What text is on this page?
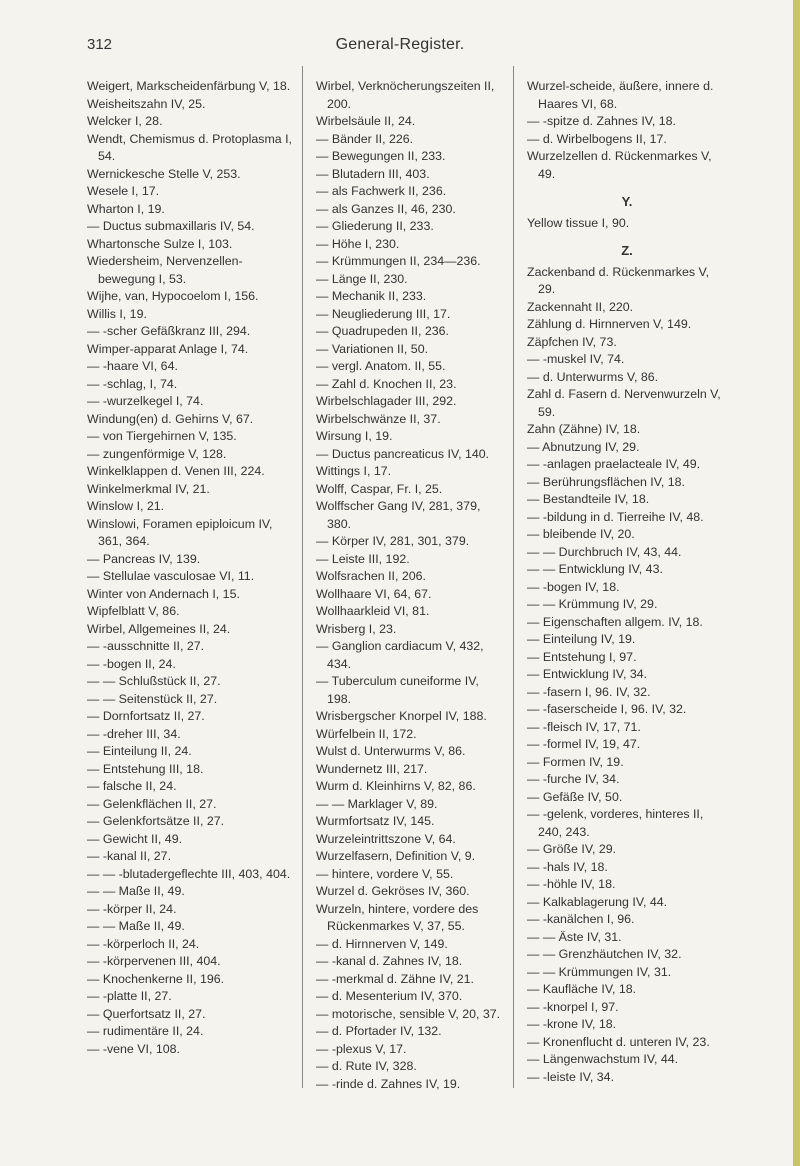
312	General-Register.
Weigert, Markscheidenfärbung V, 18.
Weisheitszahn IV, 25.
Welcker I, 28.
Wendt, Chemismus d. Protoplasma I, 54.
Wernickesche Stelle V, 253.
Wesele I, 17.
Wharton I, 19.
— Ductus submaxillaris IV, 54.
Whartonsche Sulze I, 103.
Wiedersheim, Nervenzellenbewegung I, 53.
Wijhe, van, Hypocoelom I, 156.
Willis I, 19.
— -scher Gefäßkranz III, 294.
Wimper-apparat Anlage I, 74.
— -haare VI, 64.
— -schlag, I, 74.
— -wurzelkegel I, 74.
Windung(en) d. Gehirns V, 67.
— von Tiergehirnen V, 135.
— zungenförmige V, 128.
Winkelklappen d. Venen III, 224.
Winkelmerkmal IV, 21.
Winslow I, 21.
Winslowi, Foramen epiploicum IV, 361, 364.
— Pancreas IV, 139.
— Stellulae vasculosae VI, 11.
Winter von Andernach I, 15.
Wipfelblatt V, 86.
Wirbel, Allgemeines II, 24.
— -ausschnitte II, 27.
— -bogen II, 24.
— — Schlußstück II, 27.
— — Seitenstück II, 27.
— Dornfortsatz II, 27.
— -dreher III, 34.
— Einteilung II, 24.
— Entstehung III, 18.
— falsche II, 24.
— Gelenkflächen II, 27.
— Gelenkfortsätze II, 27.
— Gewicht II, 49.
— -kanal II, 27.
— — -blutadergeflechte III, 403, 404.
— — Maße II, 49.
— -körper II, 24.
— — Maße II, 49.
— -körperloch II, 24.
— -körpervenen III, 404.
— Knochenkerne II, 196.
— -platte II, 27.
— Querfortsatz II, 27.
— rudimentäre II, 24.
— -vene VI, 108.
Wirbel, Verknöcherungszeiten II, 200.
Wirbelsäule II, 24.
— Bänder II, 226.
— Bewegungen II, 233.
— Blutadern III, 403.
— als Fachwerk II, 236.
— als Ganzes II, 46, 230.
— Gliederung II, 233.
— Höhe I, 230.
— Krümmungen II, 234—236.
— Länge II, 230.
— Mechanik II, 233.
— Neugliederung III, 17.
— Quadrupeden II, 236.
— Variationen II, 50.
— vergl. Anatom. II, 55.
— Zahl d. Knochen II, 23.
Wirbelschlagader III, 292.
Wirbelschwänze II, 37.
Wirsung I, 19.
— Ductus pancreaticus IV, 140.
Wittings I, 17.
Wolff, Caspar, Fr. I, 25.
Wolffscher Gang IV, 281, 379, 380.
— Körper IV, 281, 301, 379.
— Leiste III, 192.
Wolfsrachen II, 206.
Wollhaare VI, 64, 67.
Wollhaarkleid VI, 81.
Wrisberg I, 23.
— Ganglion cardiacum V, 432, 434.
— Tuberculum cuneiforme IV, 198.
Wrisbergscher Knorpel IV, 188.
Würfelbein II, 172.
Wulst d. Unterwurms V, 86.
Wundernetz III, 217.
Wurm d. Kleinhirns V, 82, 86.
— — Marklager V, 89.
Wurmfortsatz IV, 145.
Wurzeleintrittszone V, 64.
Wurzelfasern, Definition V, 9.
— hintere, vordere V, 55.
Wurzel d. Gekröses IV, 360.
Wurzeln, hintere, vordere des Rückenmarkes V, 37, 55.
— d. Hirnnerven V, 149.
— -kanal d. Zahnes IV, 18.
— -merkmal d. Zähne IV, 21.
— d. Mesenterium IV, 370.
— motorische, sensible V, 20, 37.
— d. Pfortader IV, 132.
— -plexus V, 17.
— d. Rute IV, 328.
— -rinde d. Zahnes IV, 19.
Wurzel-scheide, äußere, innere d. Haares VI, 68.
— -spitze d. Zahnes IV, 18.
— d. Wirbelbogens II, 17.
Wurzelzellen d. Rückenmarkes V, 49.
Y.
Yellow tissue I, 90.
Z.
Zackenband d. Rückenmarkes V, 29.
Zackennaht II, 220.
Zählung d. Hirnnerven V, 149.
Zäpfchen IV, 73.
— -muskel IV, 74.
— d. Unterwurms V, 86.
Zahl d. Fasern d. Nervenwurzeln V, 59.
Zahn (Zähne) IV, 18.
— Abnutzung IV, 29.
— -anlagen praelacteale IV, 49.
— Berührungsflächen IV, 18.
— Bestandteile IV, 18.
— -bildung in d. Tierreihe IV, 48.
— bleibende IV, 20.
— — Durchbruch IV, 43, 44.
— — Entwicklung IV, 43.
— -bogen IV, 18.
— — Krümmung IV, 29.
— Eigenschaften allgem. IV, 18.
— Einteilung IV, 19.
— Entstehung I, 97.
— Entwicklung IV, 34.
— -fasern I, 96. IV, 32.
— -faserscheide I, 96. IV, 32.
— -fleisch IV, 17, 71.
— -formel IV, 19, 47.
— Formen IV, 19.
— -furche IV, 34.
— Gefäße IV, 50.
— -gelenk, vorderes, hinteres II, 240, 243.
— Größe IV, 29.
— -hals IV, 18.
— -höhle IV, 18.
— Kalkablagerung IV, 44.
— -kanälchen I, 96.
— — Äste IV, 31.
— — Grenzhäutchen IV, 32.
— — Krümmungen IV, 31.
— Kaufläche IV, 18.
— -knorpel I, 97.
— -krone IV, 18.
— Kronenflucht d. unteren IV, 23.
— Längenwachstum IV, 44.
— -leiste IV, 34.
